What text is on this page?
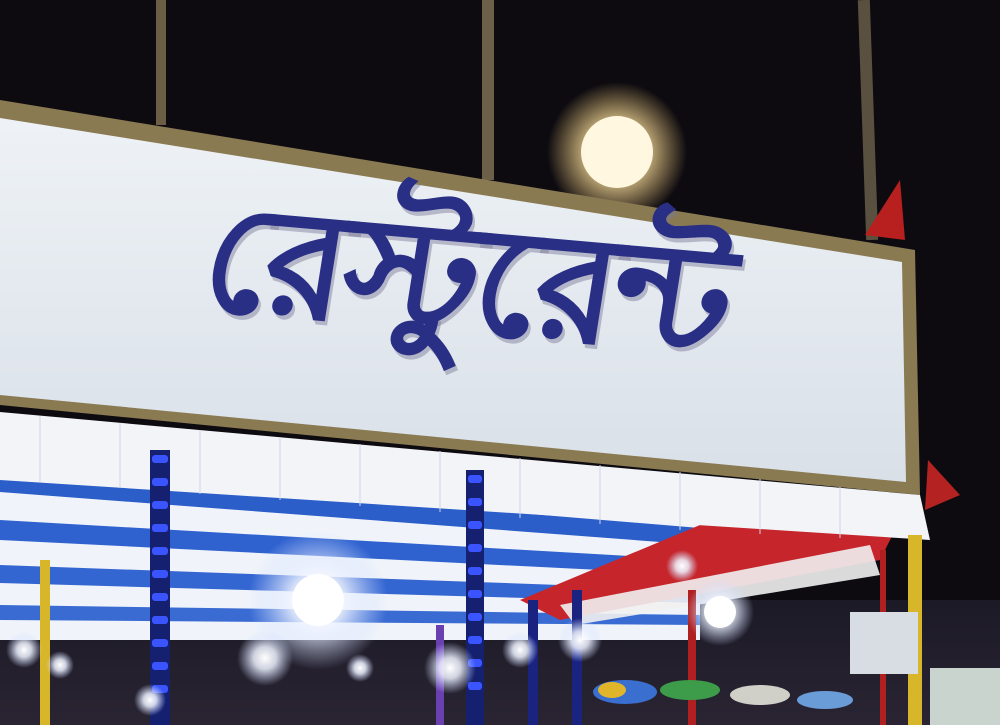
রেস্টুরেন্ট
